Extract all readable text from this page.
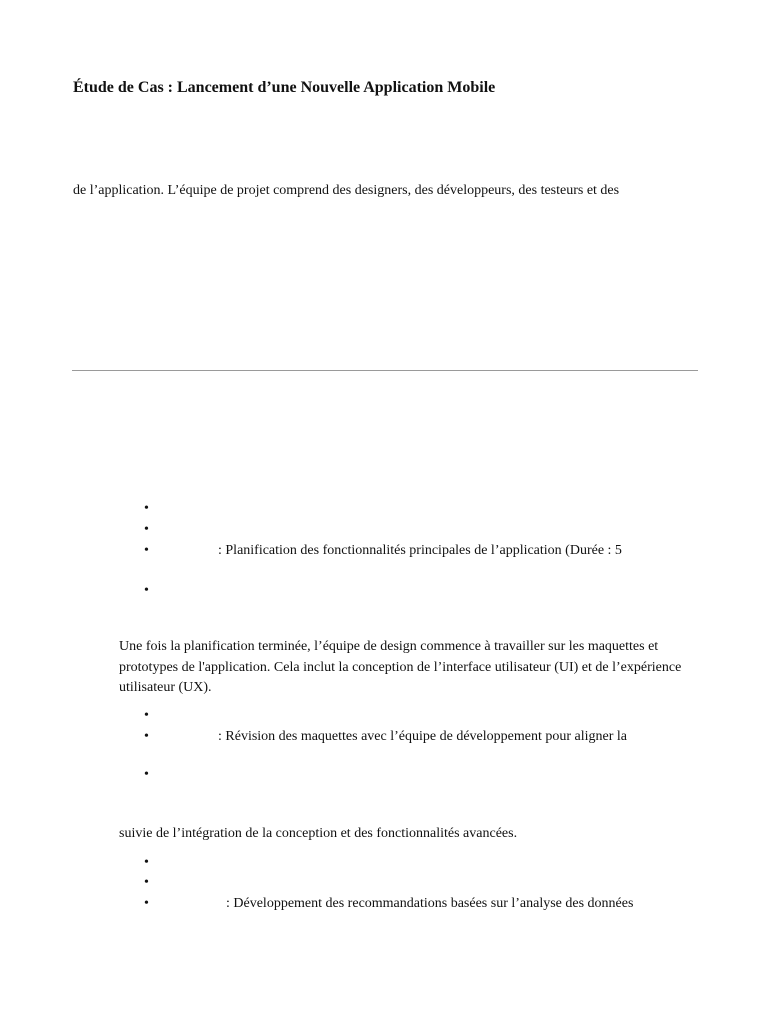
Étude de Cas : Lancement d’une Nouvelle Application Mobile
de l’application. L’équipe de projet comprend des designers, des développeurs, des testeurs et des
•
•
•	: Planification des fonctionnalités principales de l’application (Durée : 5
•
Une fois la planification terminée, l’équipe de design commence à travailler sur les maquettes et prototypes de l'application. Cela inclut la conception de l’interface utilisateur (UI) et de l’expérience utilisateur (UX).
•
•	: Révision des maquettes avec l’équipe de développement pour aligner la
•
suivie de l’intégration de la conception et des fonctionnalités avancées.
•
•
•	: Développement des recommandations basées sur l’analyse des données
